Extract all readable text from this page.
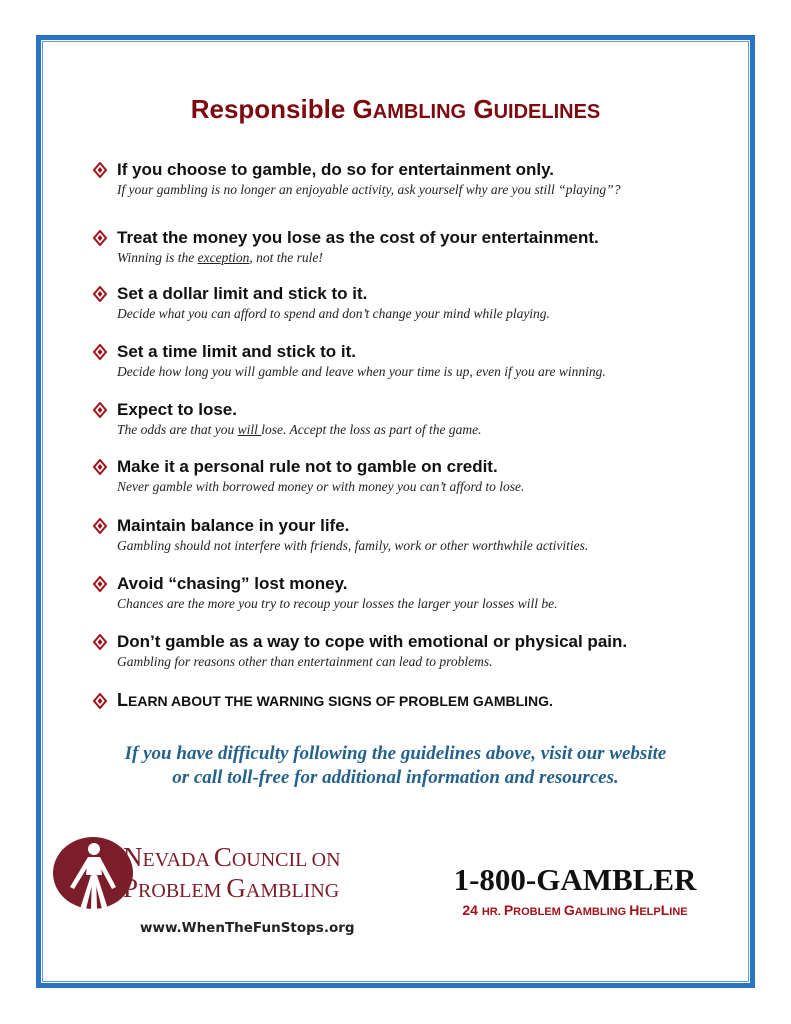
Responsible GAMBLING GUIDELINES
If you choose to gamble, do so for entertainment only.
If your gambling is no longer an enjoyable activity, ask yourself why are you still “playing”?
Treat the money you lose as the cost of your entertainment.
Winning is the exception, not the rule!
Set a dollar limit and stick to it.
Decide what you can afford to spend and don’t change your mind while playing.
Set a time limit and stick to it.
Decide how long you will gamble and leave when your time is up, even if you are winning.
Expect to lose.
The odds are that you will lose. Accept the loss as part of the game.
Make it a personal rule not to gamble on credit.
Never gamble with borrowed money or with money you can’t afford to lose.
Maintain balance in your life.
Gambling should not interfere with friends, family, work or other worthwhile activities.
Avoid “chasing” lost money.
Chances are the more you try to recoup your losses the larger your losses will be.
Don’t gamble as a way to cope with emotional or physical pain.
Gambling for reasons other than entertainment can lead to problems.
LEARN ABOUT THE WARNING SIGNS OF PROBLEM GAMBLING.
If you have difficulty following the guidelines above, visit our website
or call toll-free for additional information and resources.
NEVADA COUNCIL ON
PROBLEM GAMBLING
www.WhenTheFunStops.org
1-800-GAMBLER
24 HR. PROBLEM GAMBLING HELPLINE
